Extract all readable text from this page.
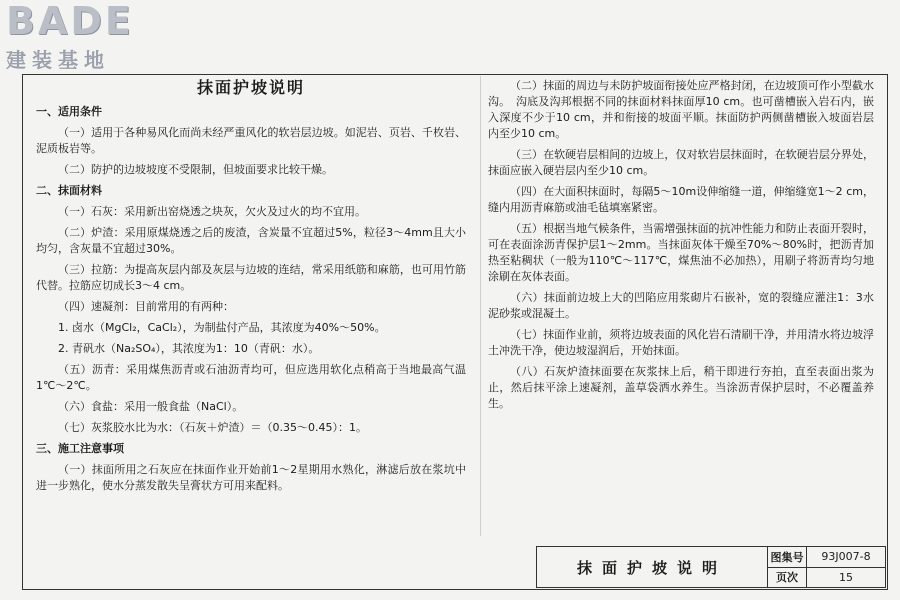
BADE
建装基地
抹面护坡说明
一、适用条件
（一）适用于各种易风化而尚未经严重风化的软岩层边坡。如泥岩、页岩、千枚岩、泥质板岩等。
（二）防护的边坡坡度不受限制，但坡面要求比较干燥。
二、抹面材料
（一）石灰：采用新出窑烧透之块灰，欠火及过火的均不宜用。
（二）炉渣：采用原煤烧透之后的废渣，含炭量不宜超过5%，粒径3～4mm且大小均匀，含灰量不宜超过30%。
（三）拉筋：为提高灰层内部及灰层与边坡的连结，常采用纸筋和麻筋，也可用竹筋代替。拉筋应切成长3～4 cm。
（四）速凝剂：目前常用的有两种：
1. 卤水（MgCl₂，CaCl₂），为制盐付产品，其浓度为40%～50%。
2. 青矾水（Na₂SO₄），其浓度为1：10（青矾：水）。
（五）沥青：采用煤焦沥青或石油沥青均可，但应选用软化点稍高于当地最高气温1℃～2℃。
（六）食盐：采用一般食盐（NaCl）。
（七）灰浆胶水比为水：（石灰＋炉渣）＝（0.35～0.45）：1。
三、施工注意事项
（一）抹面所用之石灰应在抹面作业开始前1～2星期用水熟化，淋滤后放在浆坑中进一步熟化，使水分蒸发散失呈膏状方可用来配料。
（二）抹面的周边与未防护坡面衔接处应严格封闭，在边坡顶可作小型截水沟。　沟底及沟邦根据不同的抹面材料抹面厚10 cm。也可凿槽嵌入岩石内，嵌入深度不少于10 cm，并和衔接的坡面平顺。抹面防护两侧凿槽嵌入坡面岩层内至少10 cm。
（三）在软硬岩层相间的边坡上，仅对软岩层抹面时，在软硬岩层分界处，抹面应嵌入硬岩层内至少10 cm。
（四）在大面积抹面时，每隔5～10m设伸缩缝一道，伸缩缝宽1～2 cm，缝内用沥青麻筋或油毛毡填塞紧密。
（五）根据当地气候条件，当需增强抹面的抗冲性能力和防止表面开裂时，可在表面涂沥青保护层1～2mm。当抹面灰体干燥至70%～80%时，把沥青加热至粘稠状（一般为110℃～117℃，煤焦油不必加热），用刷子将沥青均匀地涂刷在灰体表面。
（六）抹面前边坡上大的凹陷应用浆砌片石嵌补，宽的裂缝应灌注1：3水泥砂浆或混凝土。
（七）抹面作业前，须将边坡表面的风化岩石清刷干净，并用清水将边坡浮土冲洗干净，使边坡湿润后，开始抹面。
（八）石灰炉渣抹面要在灰浆抹上后，稍干即进行夯拍，直至表面出浆为止，然后抹平涂上速凝剂，盖草袋洒水养生。当涂沥青保护层时，不必覆盖养生。
抹面护坡说明
图集号	93J007-8
页次	15
